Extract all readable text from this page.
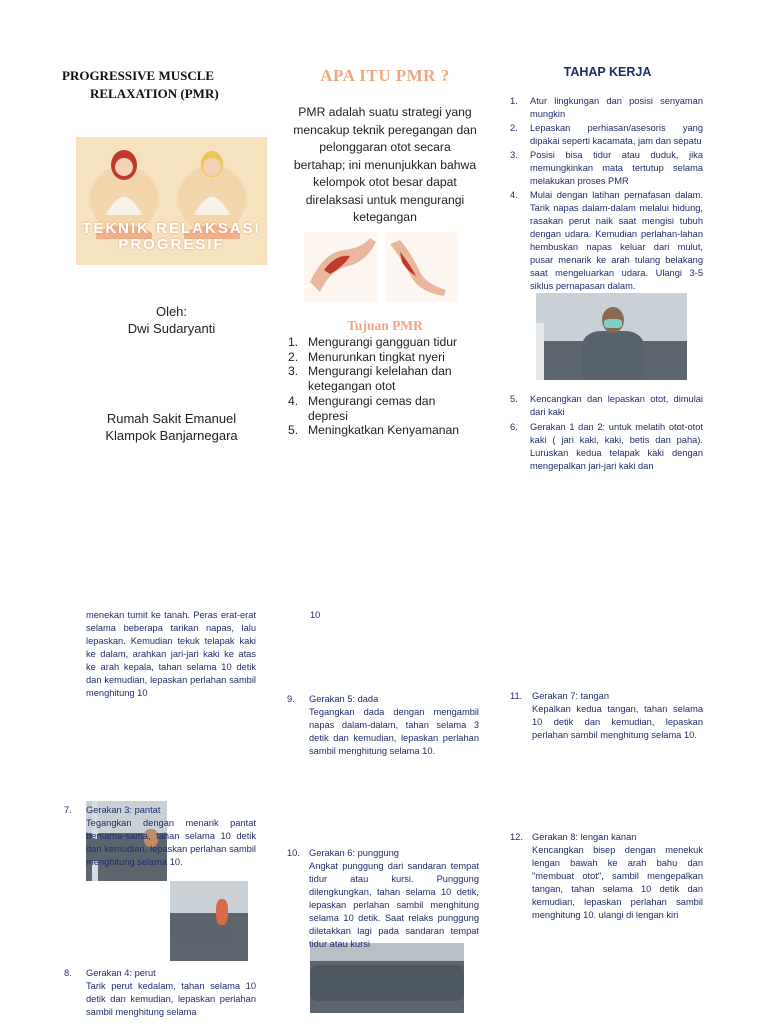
PROGRESSIVE MUSCLE
RELAXATION (PMR)
TEKNIK RELAKSASI
PROGRESIF
Oleh:
Dwi Sudaryanti
Rumah Sakit Emanuel
Klampok Banjarnegara
APA ITU PMR ?
PMR adalah suatu strategi yang mencakup teknik peregangan dan pelonggaran otot secara bertahap; ini menunjukkan bahwa kelompok otot besar dapat direlaksasi untuk mengurangi ketegangan
Tujuan PMR
1. Mengurangi gangguan tidur
2. Menurunkan tingkat nyeri
3. Mengurangi kelelahan dan ketegangan otot
4. Mengurangi cemas dan depresi
5. Meningkatkan Kenyamanan
TAHAP KERJA
1.	Atur lingkungan dan posisi senyaman mungkin
2.	Lepaskan perhiasan/asesoris yang dipakai seperti kacamata, jam dan sepatu
3.	Posisi bisa tidur atau duduk, jika memungkinkan mata tertutup selama melakukan proses PMR
4.	Mulai dengan latihan pernafasan dalam. Tarik napas dalam-dalam melalui hidung, rasakan perut naik saat mengisi tubuh dengan udara. Kemudian perlahan-lahan hembuskan napas keluar dari mulut, pusar menarik ke arah tulang belakang saat mengeluarkan udara. Ulangi 3-5 siklus pernapasan dalam.
5.	Kencangkan dan lepaskan otot, dimulai dari kaki
6.	Gerakan 1 dan 2: untuk melatih otot-otot kaki ( jari kaki, kaki, betis dan paha). Luruskan kedua telapak kaki dengan mengepalkan jari-jari kaki dan
menekan tumit ke tanah. Peras erat-erat selama beberapa tarikan napas, lalu lepaskan. Kemudian tekuk telapak kaki ke dalam, arahkan jari-jari kaki ke atas ke arah kepala, tahan selama 10 detik dan kemudian, lepaskan perlahan sambil menghitung 10
7.	Gerakan 3: pantat
Tegangkan dengan menarik pantat bersama-sama, tahan selama 10 detik dan kemudian, lepaskan perlahan sambil menghitung selama 10.
8.	Gerakan 4: perut
Tarik perut kedalam, tahan selama 10 detik dan kemudian, lepaskan perlahan sambil menghitung selama
10
9.	Gerakan 5: dada
Tegangkan dada dengan mengambil napas dalam-dalam, tahan selama 3 detik dan kemudian, lepaskan perlahan sambil menghitung selama 10.
10. Gerakan 6: punggung
Angkat punggung dari sandaran tempat tidur atau kursi. Punggung dilengkungkan, tahan selama 10 detik, lepaskan perlahan sambil menghitung selama 10 detik. Saat relaks punggung diletakkan lagi pada sandaran tempat tidur atau kursi
11.	Gerakan 7: tangan
Kepalkan kedua tangan, tahan selama 10 detik dan kemudian, lepaskan perlahan sambil menghitung selama 10.
12. Gerakan 8: lengan kanan
Kencangkan bisep dengan menekuk lengan bawah ke arah bahu dan "membuat otot", sambil mengepalkan tangan, tahan selama 10 detik dan kemudian, lepaskan perlahan sambil menghitung 10. ulangi di lengan kiri
